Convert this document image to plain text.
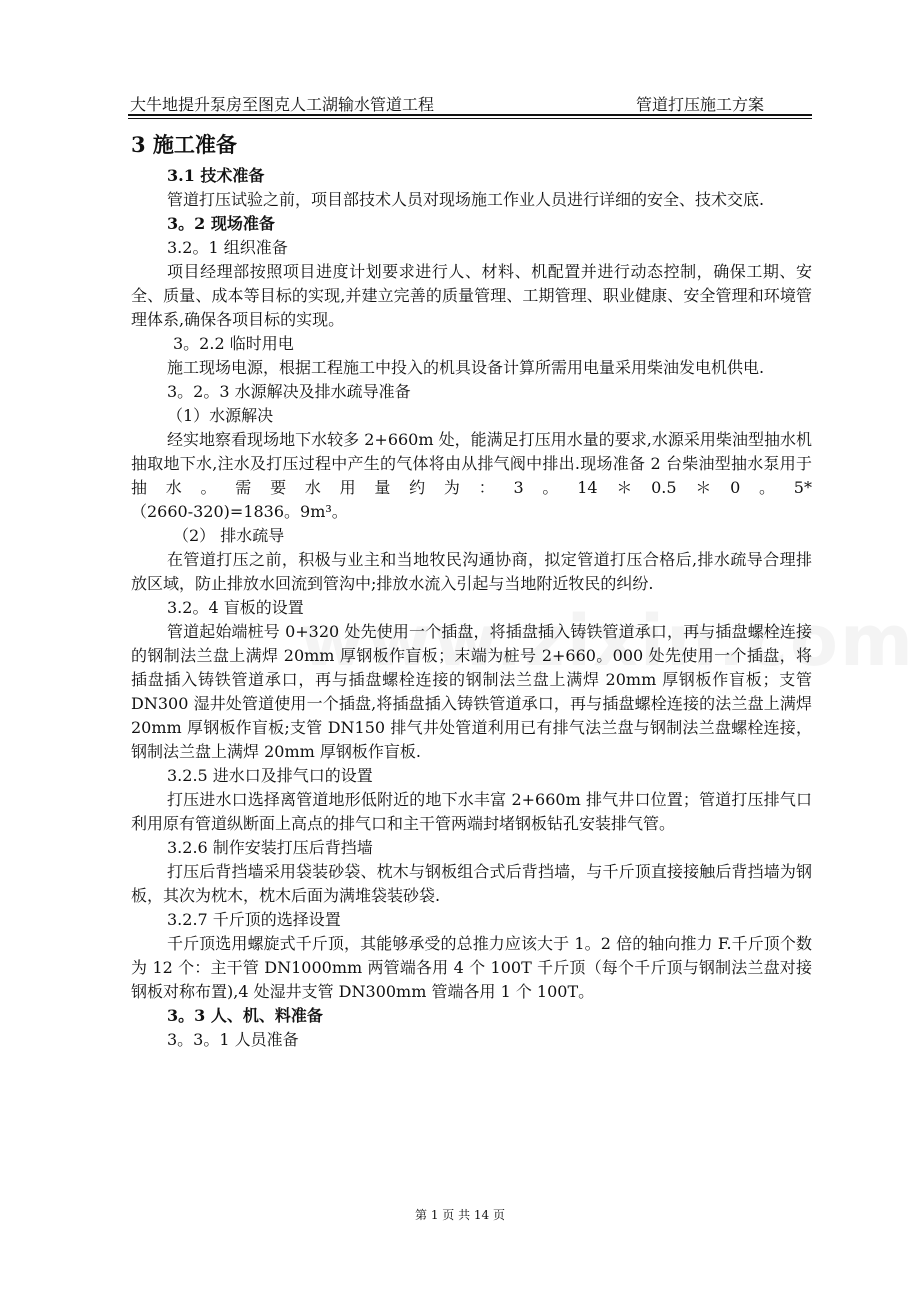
大牛地提升泵房至图克人工湖输水管道工程	管道打压施工方案

3 施工准备

3.1 技术准备

管道打压试验之前，项目部技术人员对现场施工作业人员进行详细的安全、技术交底.

3。2 现场准备

3.2。1 组织准备

项目经理部按照项目进度计划要求进行人、材料、机配置并进行动态控制，确保工期、安全、质量、成本等目标的实现,并建立完善的质量管理、工期管理、职业健康、安全管理和环境管理体系,确保各项目标的实现。

3。2.2 临时用电

施工现场电源，根据工程施工中投入的机具设备计算所需用电量采用柴油发电机供电.

3。2。3 水源解决及排水疏导准备

（1）水源解决

经实地察看现场地下水较多 2+660m 处，能满足打压用水量的要求,水源采用柴油型抽水机抽取地下水,注水及打压过程中产生的气体将由从排气阀中排出.现场准备 2 台柴油型抽水泵用于抽水。需要水用量约为：3。14＊0.5＊0。5*

（2660-320)=1836。9m³。

（2） 排水疏导

在管道打压之前，积极与业主和当地牧民沟通协商，拟定管道打压合格后,排水疏导合理排放区域，防止排放水回流到管沟中;排放水流入引起与当地附近牧民的纠纷.

3.2。4 盲板的设置

管道起始端桩号 0+320 处先使用一个插盘，将插盘插入铸铁管道承口，再与插盘螺栓连接的钢制法兰盘上满焊 20mm 厚钢板作盲板；末端为桩号 2+660。000 处先使用一个插盘，将插盘插入铸铁管道承口，再与插盘螺栓连接的钢制法兰盘上满焊 20mm 厚钢板作盲板；支管 DN300 湿井处管道使用一个插盘,将插盘插入铸铁管道承口，再与插盘螺栓连接的法兰盘上满焊 20mm 厚钢板作盲板;支管 DN150 排气井处管道利用已有排气法兰盘与钢制法兰盘螺栓连接，钢制法兰盘上满焊 20mm 厚钢板作盲板.

3.2.5 进水口及排气口的设置

打压进水口选择离管道地形低附近的地下水丰富 2+660m 排气井口位置；管道打压排气口利用原有管道纵断面上高点的排气口和主干管两端封堵钢板钻孔安装排气管。

3.2.6 制作安装打压后背挡墙

打压后背挡墙采用袋装砂袋、枕木与钢板组合式后背挡墙，与千斤顶直接接触后背挡墙为钢板，其次为枕木，枕木后面为满堆袋装砂袋.

3.2.7 千斤顶的选择设置

千斤顶选用螺旋式千斤顶，其能够承受的总推力应该大于 1。2 倍的轴向推力 F.千斤顶个数为 12 个：主干管 DN1000mm 两管端各用 4 个 100T 千斤顶（每个千斤顶与钢制法兰盘对接钢板对称布置),4 处湿井支管 DN300mm 管端各用 1 个 100T。

3。3 人、机、料准备

3。3。1 人员准备

第 1 页 共 14 页
